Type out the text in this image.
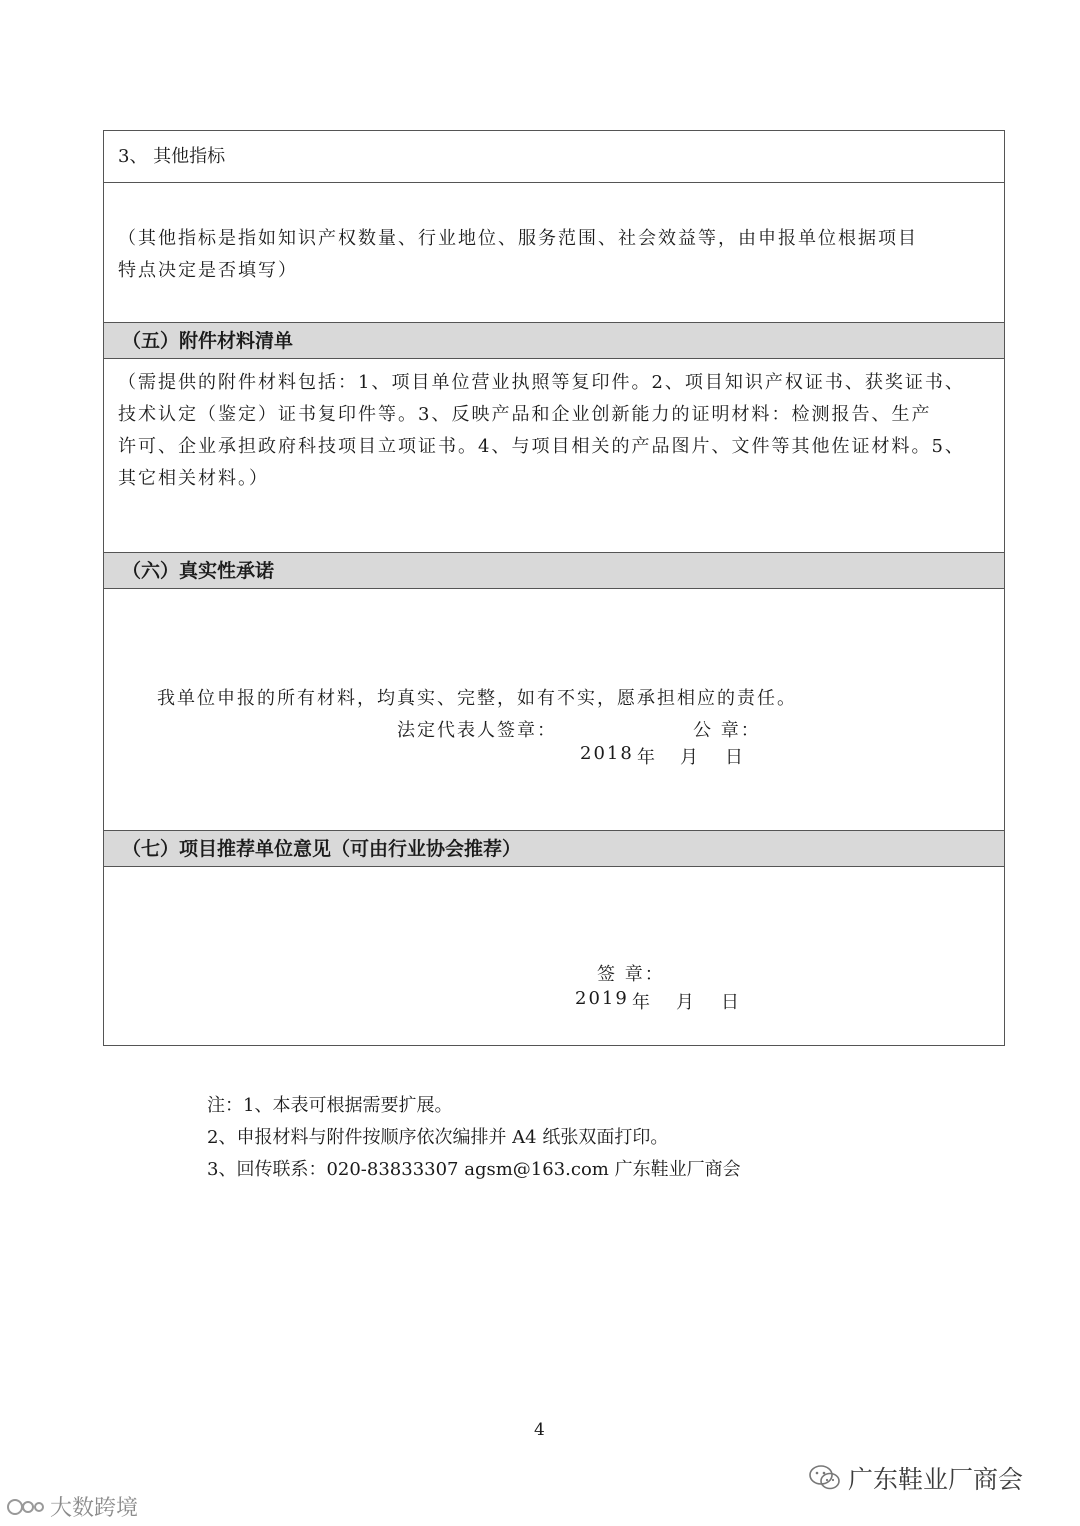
3、 其他指标
（其他指标是指如知识产权数量、行业地位、服务范围、社会效益等，由申报单位根据项目
特点决定是否填写）
（五）附件材料清单
（需提供的附件材料包括：1、项目单位营业执照等复印件。2、项目知识产权证书、获奖证书、
技术认定（鉴定）证书复印件等。3、反映产品和企业创新能力的证明材料：检测报告、生产
许可、企业承担政府科技项目立项证书。4、与项目相关的产品图片、文件等其他佐证材料。5、
其它相关材料。）
（六）真实性承诺
我单位申报的所有材料，均真实、完整，如有不实，愿承担相应的责任。
法定代表人签章：	公 章：
2018 年 月 日
（七）项目推荐单位意见（可由行业协会推荐）
签 章：
2019 年 月 日
注：1、本表可根据需要扩展。
2、申报材料与附件按顺序依次编排并 A4 纸张双面打印。
3、回传联系：020-83833307 agsm@163.com 广东鞋业厂商会
4
广东鞋业厂商会
大数跨境
